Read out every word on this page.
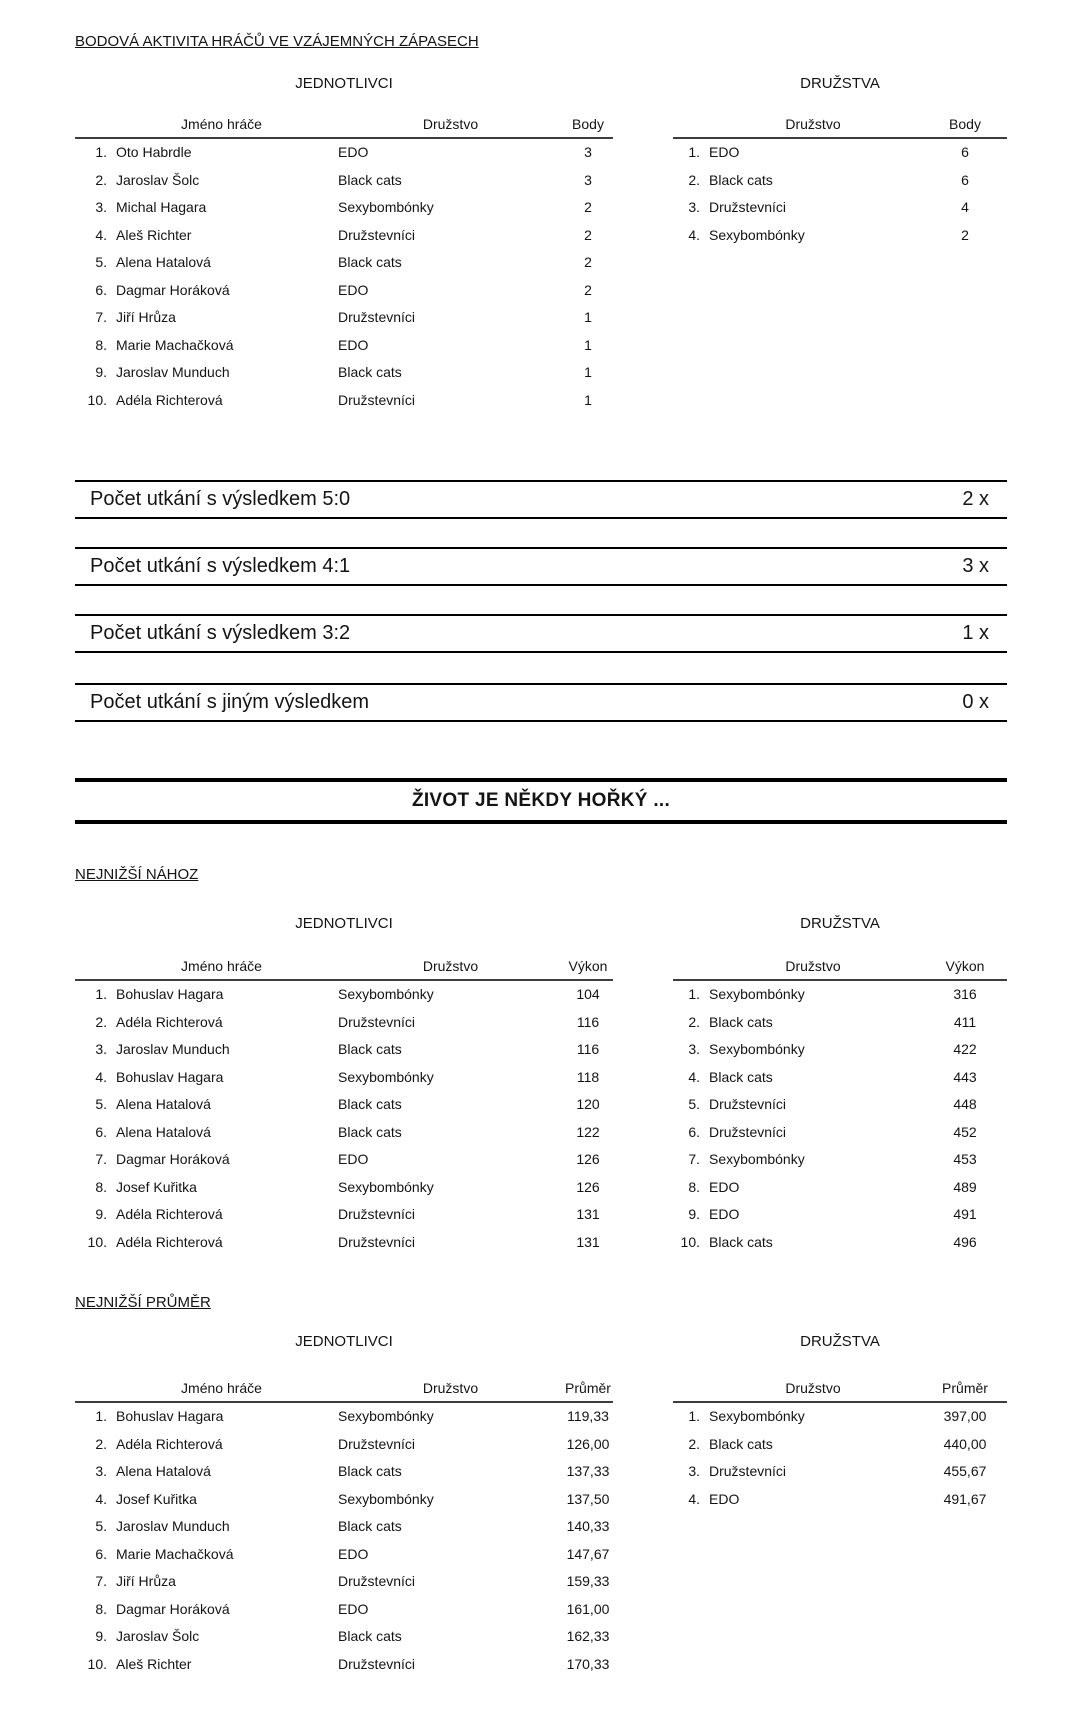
BODOVÁ AKTIVITA HRÁČŮ VE VZÁJEMNÝCH ZÁPASECH
JEDNOTLIVCI
Jméno hráče	Družstvo	Body
1. Oto Habrdle	EDO	3
2. Jaroslav Šolc	Black cats	3
3. Michal Hagara	Sexybombónky	2
4. Aleš Richter	Družstevníci	2
5. Alena Hatalová	Black cats	2
6. Dagmar Horáková	EDO	2
7. Jiří Hrůza	Družstevníci	1
8. Marie Machačková	EDO	1
9. Jaroslav Munduch	Black cats	1
10. Adéla Richterová	Družstevníci	1
DRUŽSTVA
Družstvo	Body
1. EDO	6
2. Black cats	6
3. Družstevníci	4
4. Sexybombónky	2
Počet utkání s výsledkem 5:0	2 x
Počet utkání s výsledkem 4:1	3 x
Počet utkání s výsledkem 3:2	1 x
Počet utkání s jiným výsledkem	0 x
ŽIVOT JE NĚKDY HOŘKÝ ...
NEJNIŽŠÍ NÁHOZ
JEDNOTLIVCI
Jméno hráče	Družstvo	Výkon
1. Bohuslav Hagara	Sexybombónky	104
2. Adéla Richterová	Družstevníci	116
3. Jaroslav Munduch	Black cats	116
4. Bohuslav Hagara	Sexybombónky	118
5. Alena Hatalová	Black cats	120
6. Alena Hatalová	Black cats	122
7. Dagmar Horáková	EDO	126
8. Josef Kuřitka	Sexybombónky	126
9. Adéla Richterová	Družstevníci	131
10. Adéla Richterová	Družstevníci	131
DRUŽSTVA
Družstvo	Výkon
1. Sexybombónky	316
2. Black cats	411
3. Sexybombónky	422
4. Black cats	443
5. Družstevníci	448
6. Družstevníci	452
7. Sexybombónky	453
8. EDO	489
9. EDO	491
10. Black cats	496
NEJNIŽŠÍ PRŮMĚR
JEDNOTLIVCI
Jméno hráče	Družstvo	Průměr
1. Bohuslav Hagara	Sexybombónky	119,33
2. Adéla Richterová	Družstevníci	126,00
3. Alena Hatalová	Black cats	137,33
4. Josef Kuřitka	Sexybombónky	137,50
5. Jaroslav Munduch	Black cats	140,33
6. Marie Machačková	EDO	147,67
7. Jiří Hrůza	Družstevníci	159,33
8. Dagmar Horáková	EDO	161,00
9. Jaroslav Šolc	Black cats	162,33
10. Aleš Richter	Družstevníci	170,33
DRUŽSTVA
Družstvo	Průměr
1. Sexybombónky	397,00
2. Black cats	440,00
3. Družstevníci	455,67
4. EDO	491,67
